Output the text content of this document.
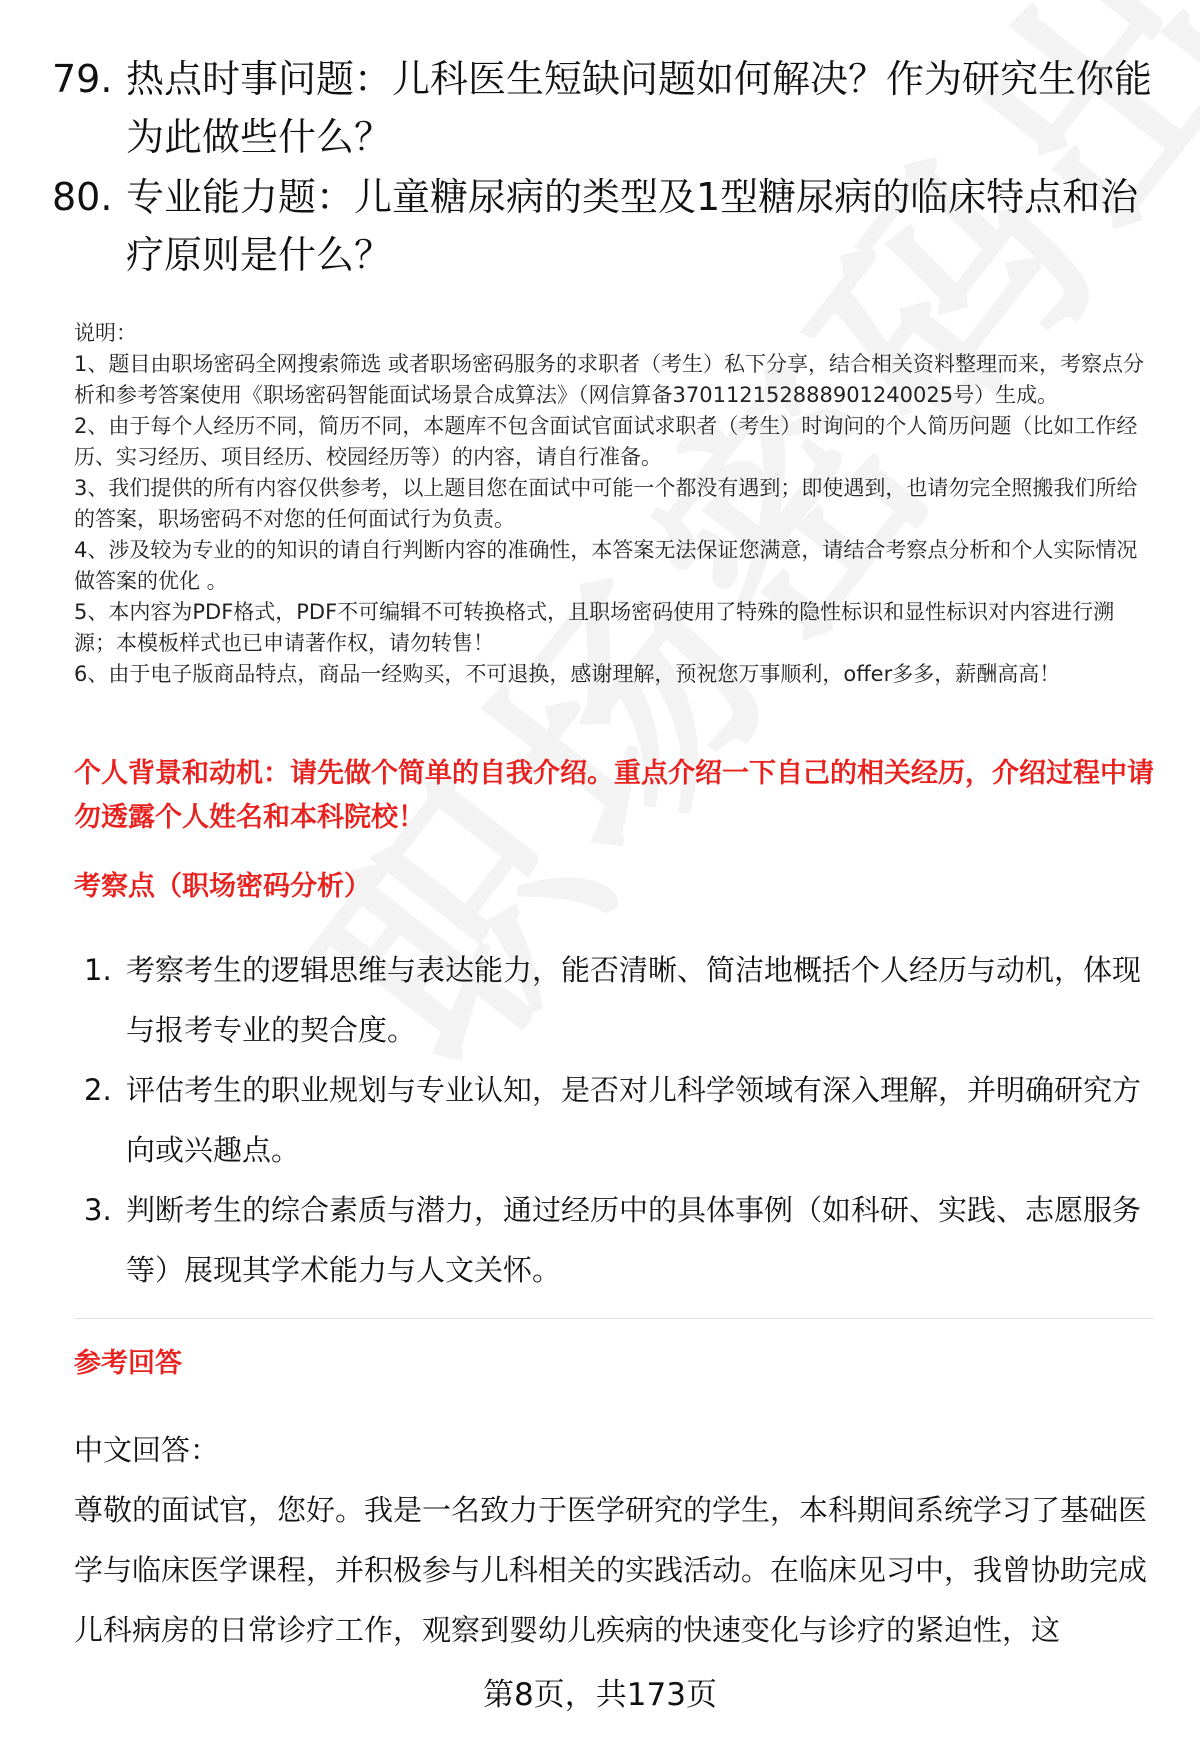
79. 热点时事问题：儿科医生短缺问题如何解决？作为研究生你能为此做些什么？
80. 专业能力题：儿童糖尿病的类型及1型糖尿病的临床特点和治疗原则是什么？

说明：

1、题目由职场密码全网搜索筛选 或者职场密码服务的求职者（考生）私下分享，结合相关资料整理而来，考察点分析和参考答案使用《职场密码智能面试场景合成算法》（网信算备370112152888901240025号）生成。

2、由于每个人经历不同，简历不同，本题库不包含面试官面试求职者（考生）时询问的个人简历问题（比如工作经历、实习经历、项目经历、校园经历等）的内容，请自行准备。

3、我们提供的所有内容仅供参考，以上题目您在面试中可能一个都没有遇到；即使遇到，也请勿完全照搬我们所给的答案，职场密码不对您的任何面试行为负责。

4、涉及较为专业的的知识的请自行判断内容的准确性，本答案无法保证您满意，请结合考察点分析和个人实际情况做答案的优化 。

5、本内容为PDF格式，PDF不可编辑不可转换格式，且职场密码使用了特殊的隐性标识和显性标识对内容进行溯源；本模板样式也已申请著作权，请勿转售！

6、由于电子版商品特点，商品一经购买，不可退换，感谢理解，预祝您万事顺利，offer多多，薪酬高高！

个人背景和动机：请先做个简单的自我介绍。重点介绍一下自己的相关经历，介绍过程中请勿透露个人姓名和本科院校！
考察点（职场密码分析）
1. 考察考生的逻辑思维与表达能力，能否清晰、简洁地概括个人经历与动机，体现与报考专业的契合度。
2. 评估考生的职业规划与专业认知，是否对儿科学领域有深入理解，并明确研究方向或兴趣点。
3. 判断考生的综合素质与潜力，通过经历中的具体事例（如科研、实践、志愿服务等）展现其学术能力与人文关怀。
参考回答

中文回答：

尊敬的面试官，您好。我是一名致力于医学研究的学生，本科期间系统学习了基础医学与临床医学课程，并积极参与儿科相关的实践活动。在临床见习中，我曾协助完成儿科病房的日常诊疗工作，观察到婴幼儿疾病的快速变化与诊疗的紧迫性，这

第8页，共173页
